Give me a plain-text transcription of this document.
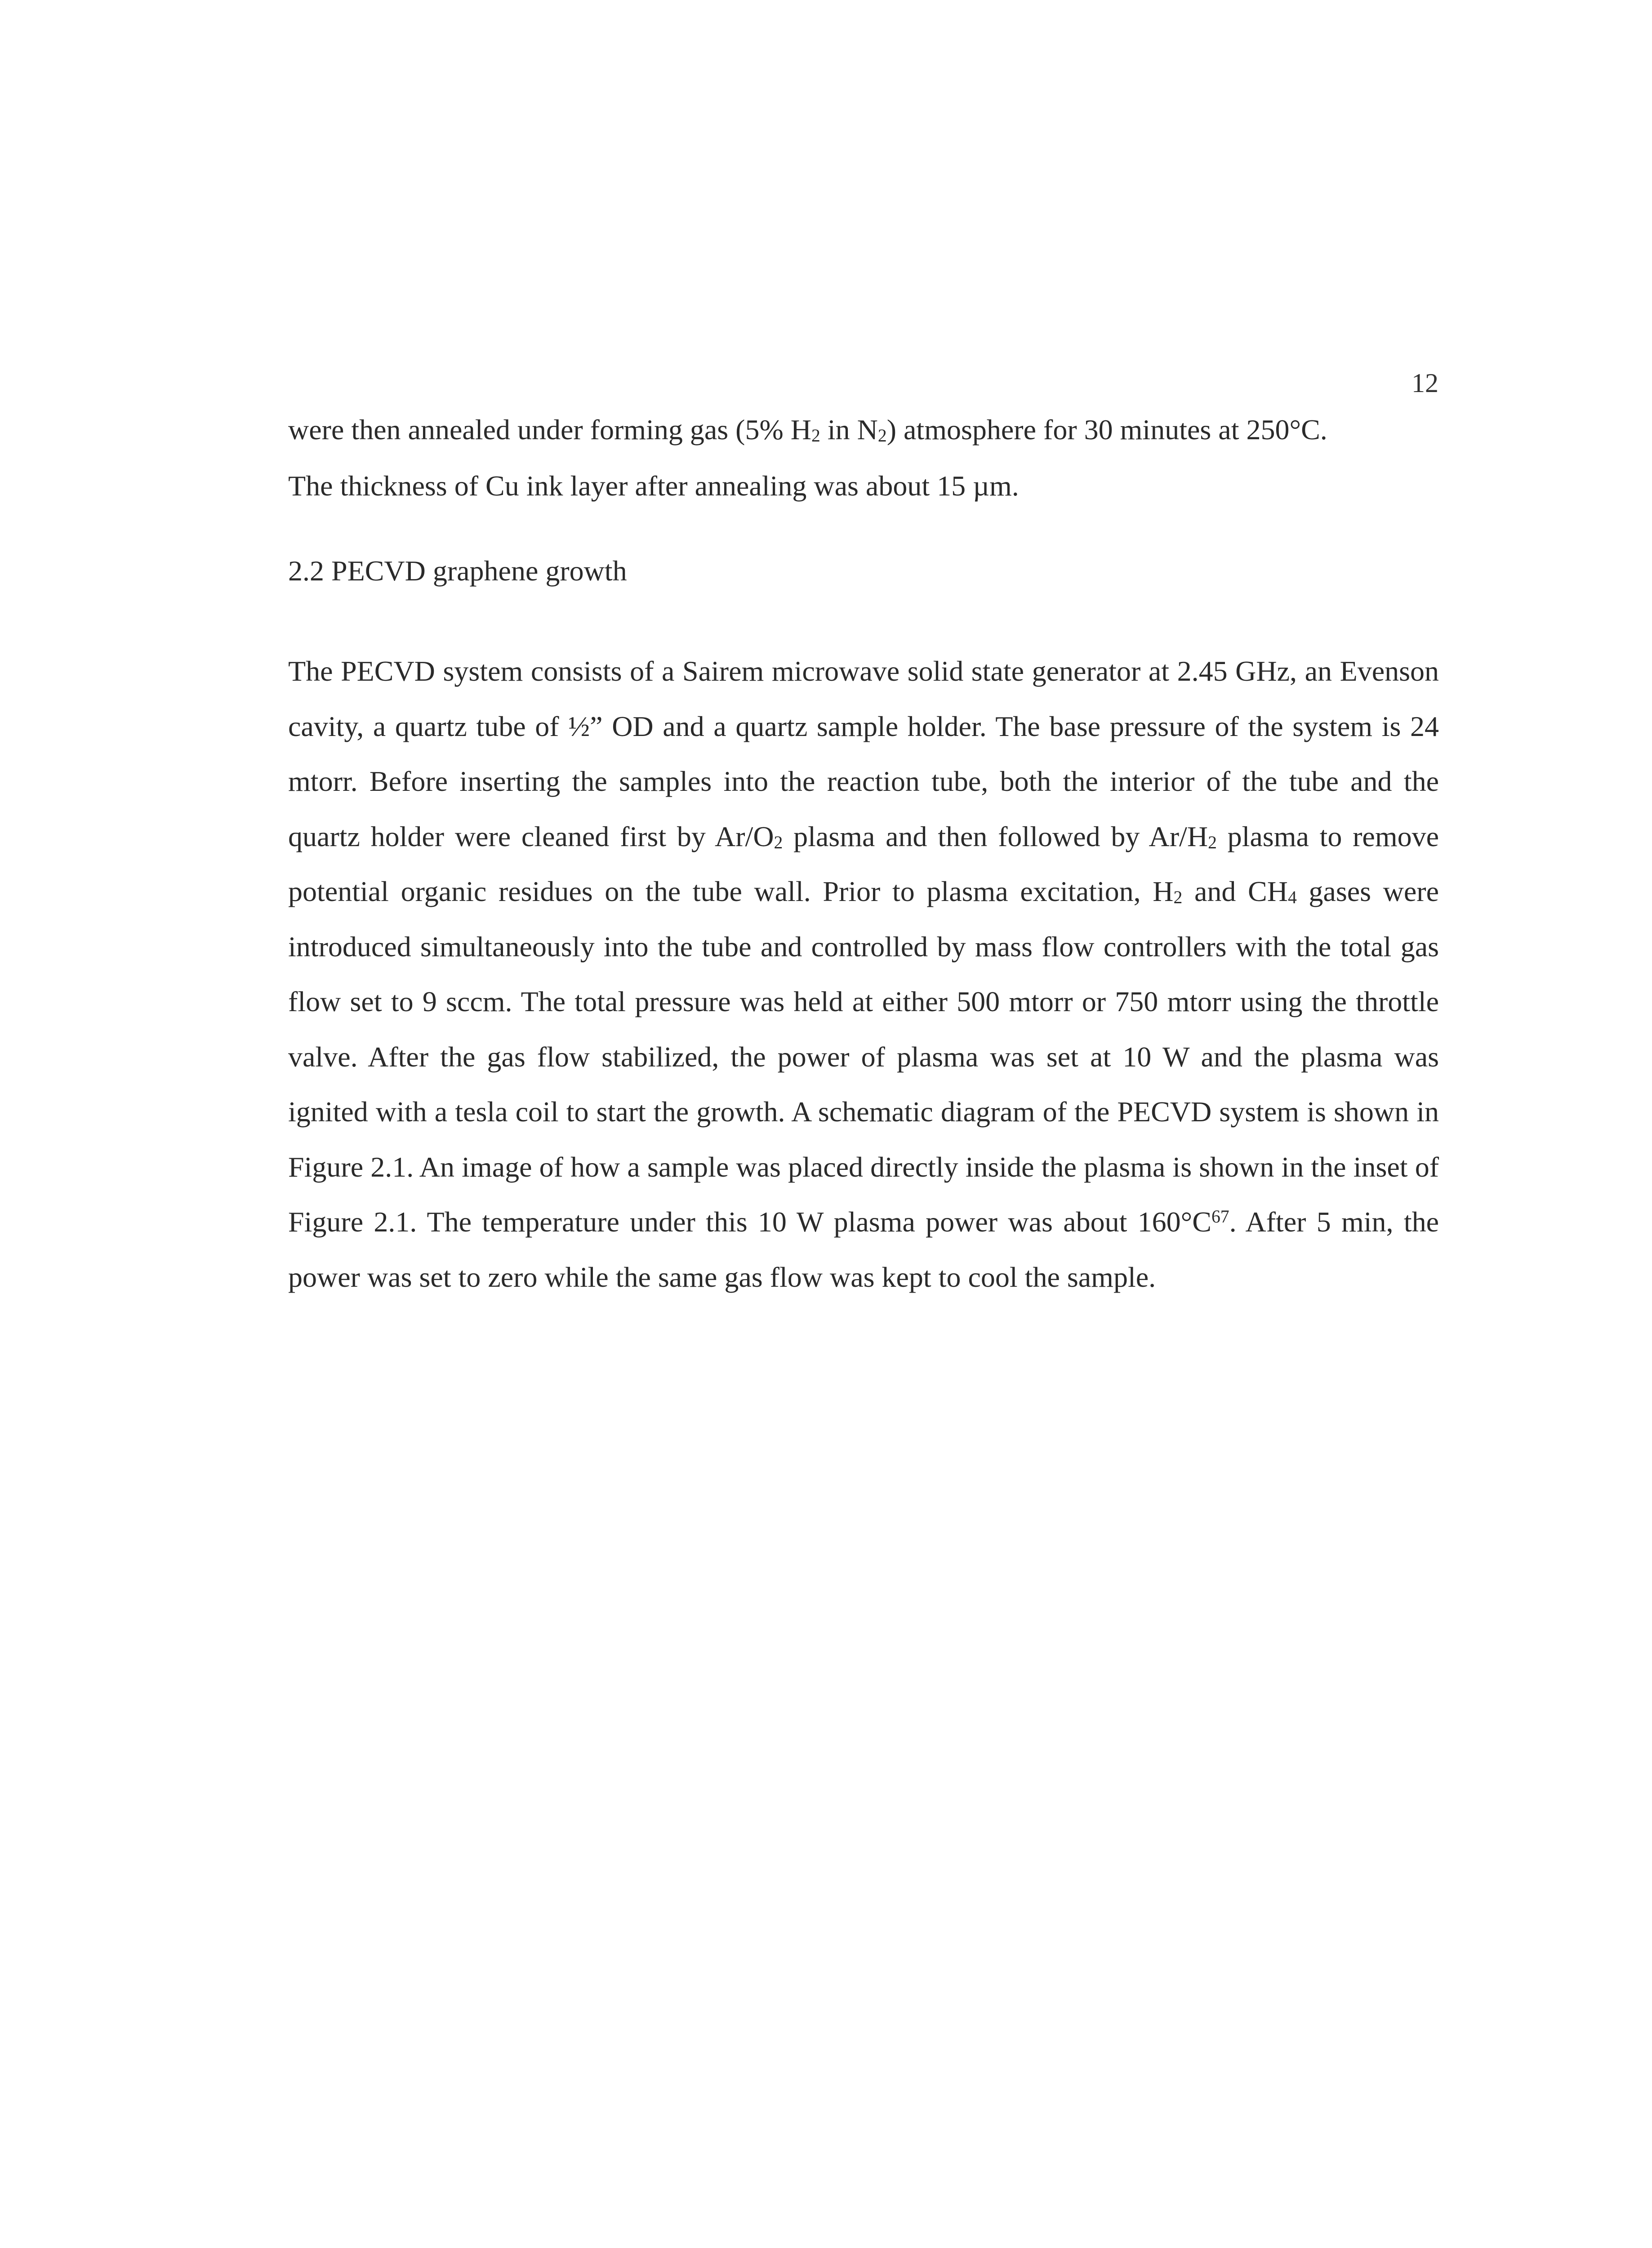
12

were then annealed under forming gas (5% $H_2$ in $N_2$) atmosphere for 30 minutes at 250°C.
The thickness of Cu ink layer after annealing was about 15 µm.

2.2 PECVD graphene growth

The PECVD system consists of a Sairem microwave solid state generator at 2.45 GHz, an Evenson cavity, a quartz tube of ½” OD and a quartz sample holder. The base pressure of the system is 24 mtorr. Before inserting the samples into the reaction tube, both the interior of the tube and the quartz holder were cleaned first by $Ar/O_2$ plasma and then followed by $Ar/H_2$ plasma to remove potential organic residues on the tube wall. Prior to plasma excitation, $H_2$ and $CH_4$ gases were introduced simultaneously into the tube and controlled by mass flow controllers with the total gas flow set to 9 sccm. The total pressure was held at either 500 mtorr or 750 mtorr using the throttle valve. After the gas flow stabilized, the power of plasma was set at 10 W and the plasma was ignited with a tesla coil to start the growth. A schematic diagram of the PECVD system is shown in Figure 2.1. An image of how a sample was placed directly inside the plasma is shown in the inset of Figure 2.1. The temperature under this 10 W plasma power was about $160^\circ C^{67}$. After 5 min, the power was set to zero while the same gas flow was kept to cool the sample.
